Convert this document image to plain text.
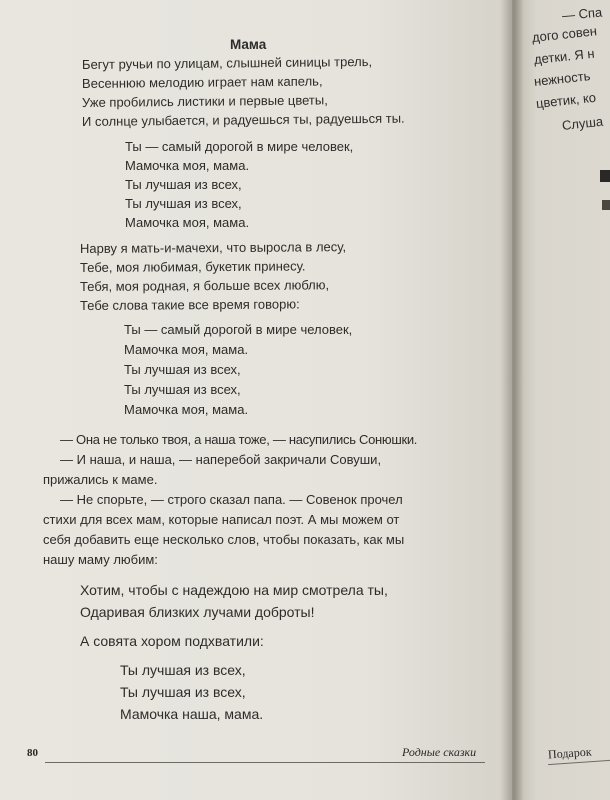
Мама
Бегут ручьи по улицам, слышней синицы трель,
Весеннюю мелодию играет нам капель,
Уже пробились листики и первые цветы,
И солнце улыбается, и радуешься ты, радуешься ты.
Ты — самый дорогой в мире человек,
Мамочка моя, мама.
Ты лучшая из всех,
Ты лучшая из всех,
Мамочка моя, мама.
Нарву я мать-и-мачехи, что выросла в лесу,
Тебе, моя любимая, букетик принесу.
Тебя, моя родная, я больше всех люблю,
Тебе слова такие все время говорю:
Ты — самый дорогой в мире человек,
Мамочка моя, мама.
Ты лучшая из всех,
Ты лучшая из всех,
Мамочка моя, мама.
— Она не только твоя, а наша тоже, — насупились Сонюшки.
— И наша, и наша, — наперебой закричали Совуши,
прижались к маме.
— Не спорьте, — строго сказал папа. — Совенок прочел
стихи для всех мам, которые написал поэт. А мы можем от
себя добавить еще несколько слов, чтобы показать, как мы
нашу маму любим:
Хотим, чтобы с надеждою на мир смотрела ты,
Одаривая близких лучами доброты!
А совята хором подхватили:
Ты лучшая из всех,
Ты лучшая из всех,
Мамочка наша, мама.
80	Родные сказки
— Спа
дого совен
детки. Я н
нежность
цветик, ко
Слуша
Подарок
